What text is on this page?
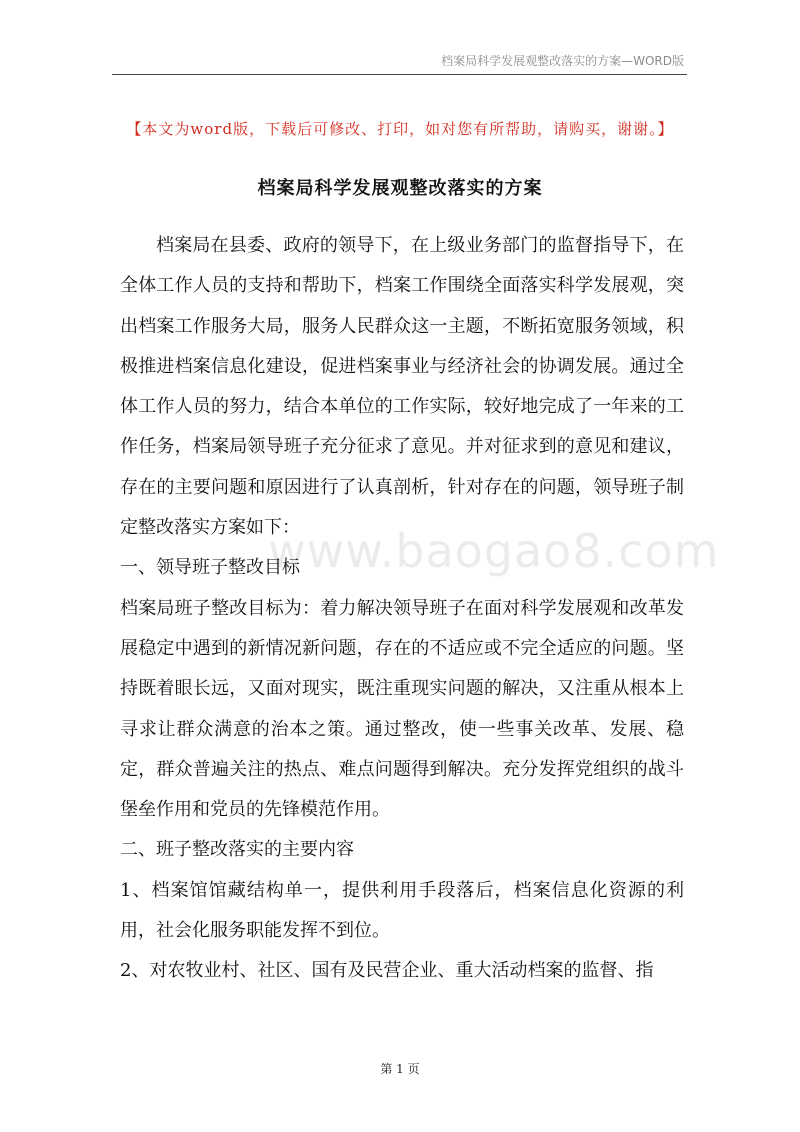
档案局科学发展观整改落实的方案—WORD版
【本文为word版，下载后可修改、打印，如对您有所帮助，请购买，谢谢。】
档案局科学发展观整改落实的方案

档案局在县委、政府的领导下，在上级业务部门的监督指导下，在全体工作人员的支持和帮助下，档案工作围绕全面落实科学发展观，突出档案工作服务大局，服务人民群众这一主题，不断拓宽服务领域，积极推进档案信息化建设，促进档案事业与经济社会的协调发展。通过全体工作人员的努力，结合本单位的工作实际，较好地完成了一年来的工作任务，档案局领导班子充分征求了意见。并对征求到的意见和建议，存在的主要问题和原因进行了认真剖析，针对存在的问题，领导班子制定整改落实方案如下：

一、领导班子整改目标

档案局班子整改目标为：着力解决领导班子在面对科学发展观和改革发展稳定中遇到的新情况新问题，存在的不适应或不完全适应的问题。坚持既着眼长远，又面对现实，既注重现实问题的解决，又注重从根本上寻求让群众满意的治本之策。通过整改，使一些事关改革、发展、稳定，群众普遍关注的热点、难点问题得到解决。充分发挥党组织的战斗堡垒作用和党员的先锋模范作用。

二、班子整改落实的主要内容

1、档案馆馆藏结构单一，提供利用手段落后，档案信息化资源的利用，社会化服务职能发挥不到位。

2、对农牧业村、社区、国有及民营企业、重大活动档案的监督、指

www.baogao8.com
第 1 页
